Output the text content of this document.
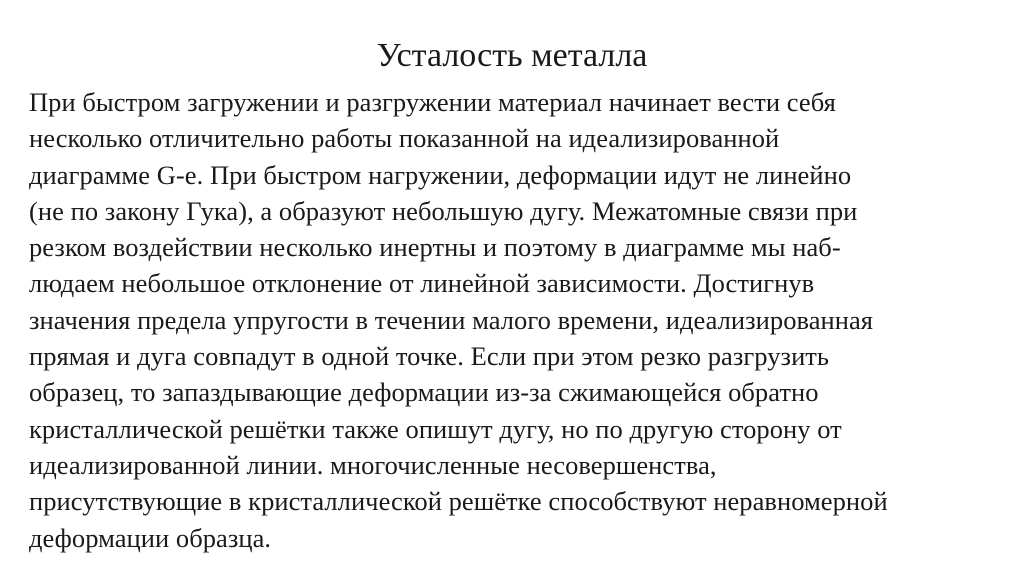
Усталость металла
При быстром загружении и разгружении материал начинает вести себя
несколько отличительно работы показанной на идеализированной
диаграмме G-e. При быстром нагружении, деформации идут не линейно
(не по закону Гука), а образуют небольшую дугу. Межатомные связи при
резком воздействии несколько инертны и поэтому в диаграмме мы наб-
людаем небольшое отклонение от линейной зависимости. Достигнув
значения предела упругости в течении малого времени, идеализированная
прямая и дуга совпадут в одной точке. Если при этом резко разгрузить
образец, то запаздывающие деформации из-за сжимающейся обратно
кристаллической решётки также опишут дугу, но по другую сторону от
идеализированной линии. многочисленные несовершенства,
присутствующие в кристаллической решётке способствуют неравномерной
деформации образца.
